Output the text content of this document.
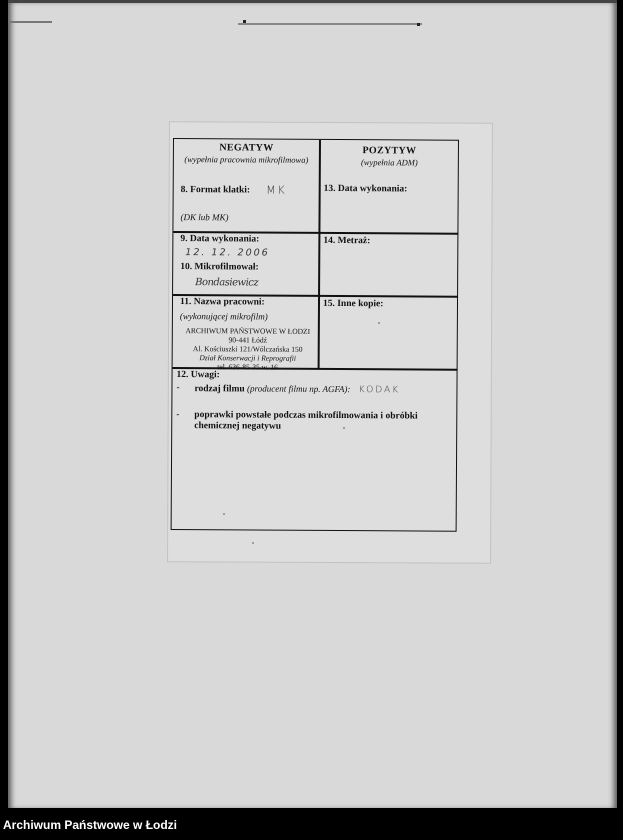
NEGATYW
(wypełnia pracownia mikrofilmowa)
POZYTYW
(wypełnia ADM)
8. Format klatki: MK
(DK lub MK)
13. Data wykonania:
9. Data wykonania:
12. 12. 2006
10. Mikrofilmował:
Bondasiewicz
14. Metraż:
11. Nazwa pracowni:
(wykonującej mikrofilm)
ARCHIWUM PAŃSTWOWE W ŁODZI
90-441 Łódź
Al. Kościuszki 121/Wólczańska 150
Dział Konserwacji i Reprografii
tel. 636-85-35 w. 16
15. Inne kopie:
12. Uwagi:
-	rodzaj filmu (producent filmu np. AGFA): KODAK
-	poprawki powstałe podczas mikrofilmowania i obróbki chemicznej negatywu
Archiwum Państwowe w Łodzi
